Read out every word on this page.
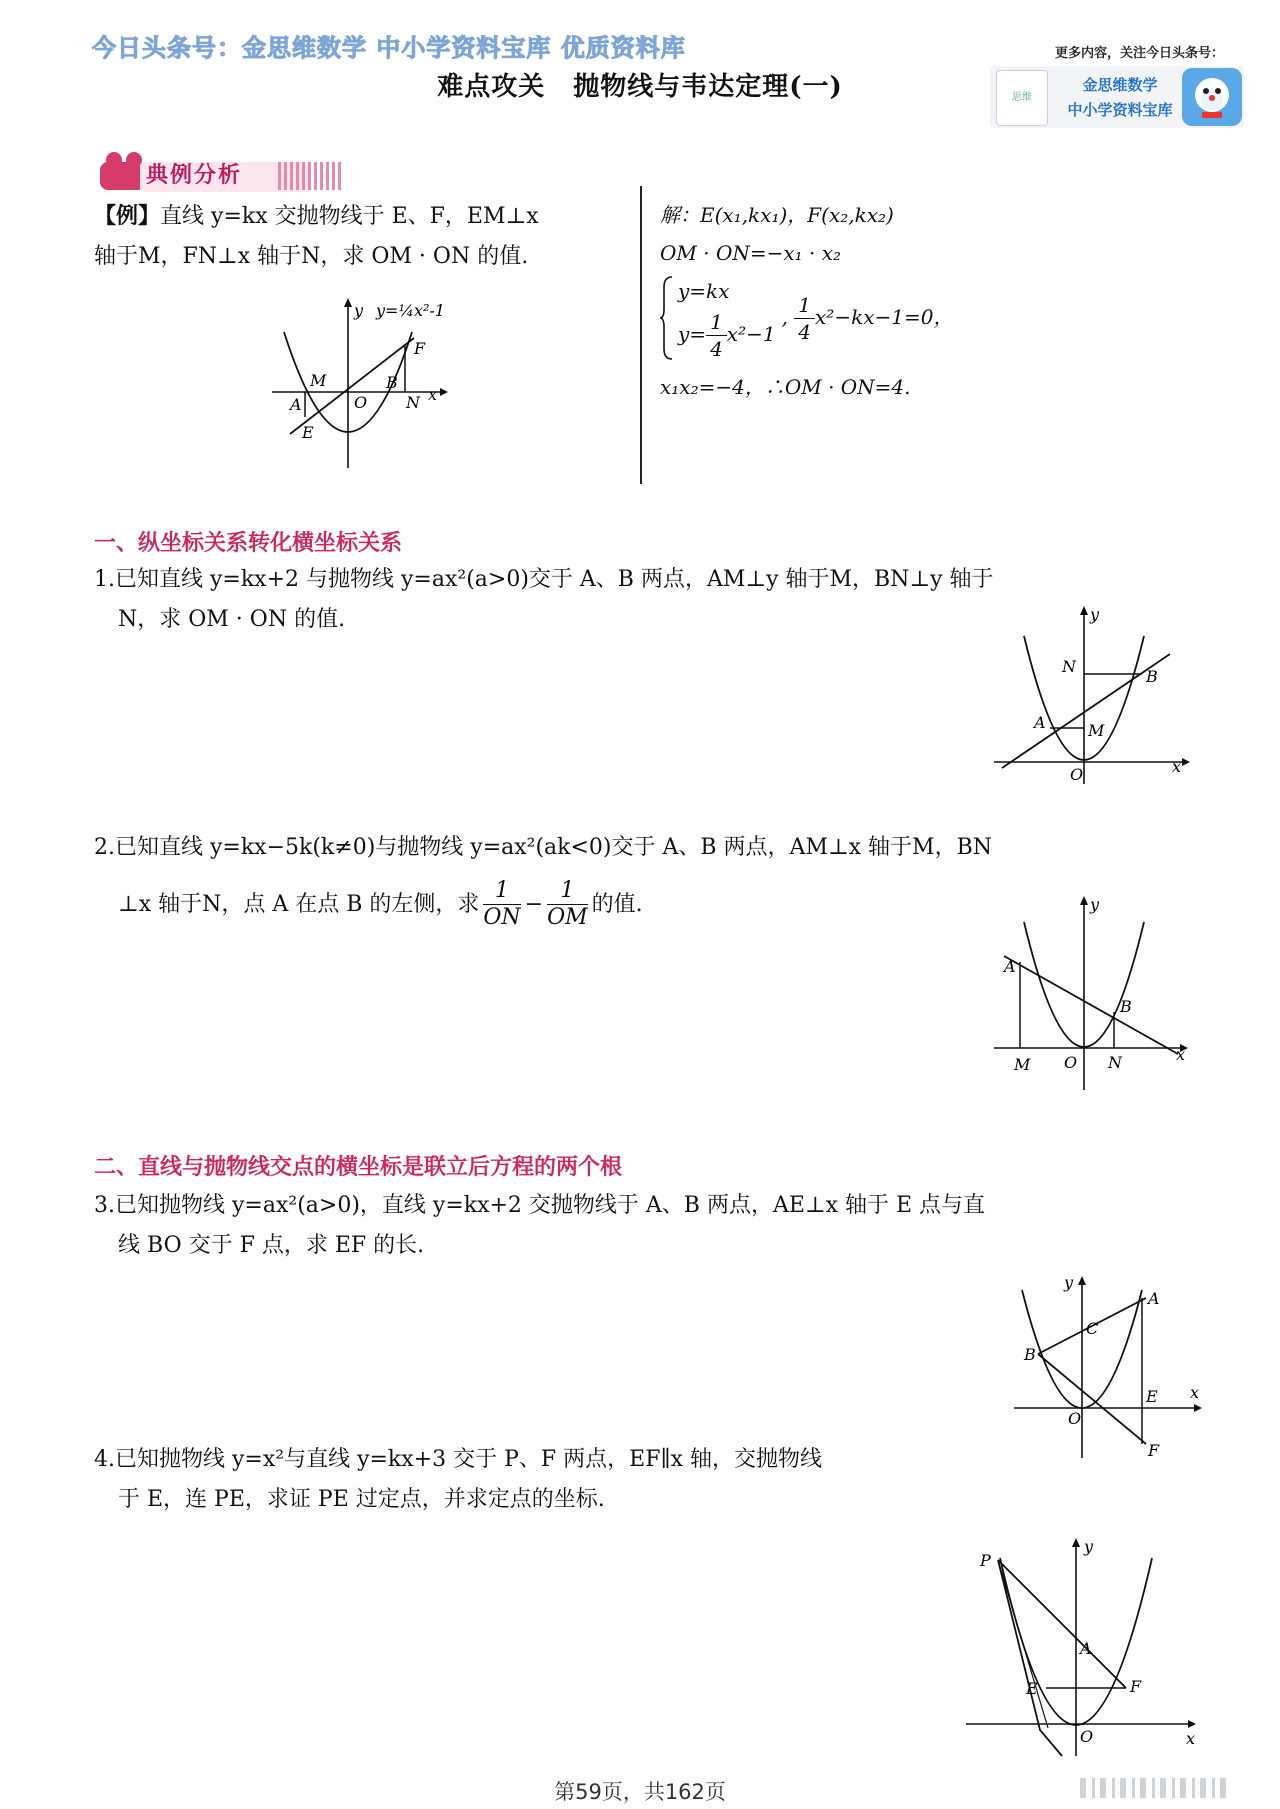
今日头条号：金思维数学 中小学资料宝库 优质资料库
难点攻关 抛物线与韦达定理(一)
更多内容，关注今日头条号：
思维
金思维数学
中小学资料宝库
典例分析
【例】直线 y=kx 交抛物线于 E、F，EM⊥x
轴于M，FN⊥x 轴于N，求 OM · ON 的值.
y y=¼x²-1
x
O
A
M
E
B
F
N
解：E(x₁,kx₁)，F(x₂,kx₂)
OM · ON=−x₁ · x₂
y=kx
$y= \frac{1}{4} x^2-1$
, $\frac{1}{4} x^2-kx-1=0$，
x₁x₂=−4，∴OM · ON=4.
一、纵坐标关系转化横坐标关系
1.已知直线 y=kx+2 与抛物线 y=ax²(a>0)交于 A、B 两点，AM⊥y 轴于M，BN⊥y 轴于
N，求 OM · ON 的值.	y
x
O
N
B
A	M
2.已知直线 y=kx−5k(k≠0)与抛物线 y=ax²(ak<0)交于 A、B 两点，AM⊥x 轴于M，BN
⊥x 轴于N，点 A 在点 B 的左侧，求 $\frac{1}{ON} - \frac{1}{OM}$ 的值.	y
x
O
A
B
M	N
二、直线与抛物线交点的横坐标是联立后方程的两个根
3.已知抛物线 y=ax²(a>0)，直线 y=kx+2 交抛物线于 A、B 两点，AE⊥x 轴于 E 点与直
线 BO 交于 F 点，求 EF 的长.
y
x
O
A
B
C
E
F
4.已知抛物线 y=x²与直线 y=kx+3 交于 P、F 两点，EF∥x 轴，交抛物线
于 E，连 PE，求证 PE 过定点，并求定点的坐标.
y
x
O
P
A
E	F
第59页，共162页
